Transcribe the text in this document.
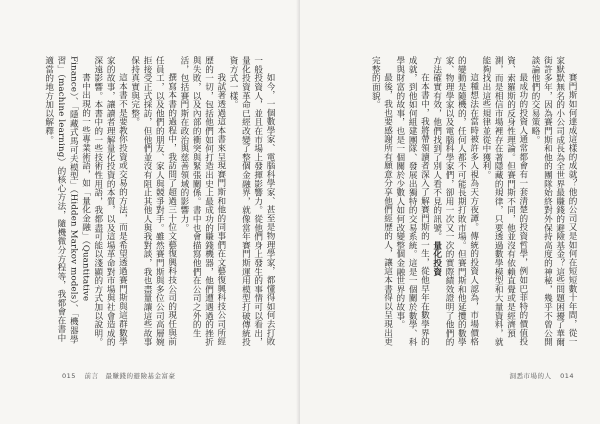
如今，一個數學家、電腦科學家、甚至是物理學家，都懂得如何去打敗一般投資人，並且在市場上發揮影響力。從他們身上發生的事情可以看出，量化投資革命已經改變了整個金融界，就像當年賽門斯運用模型打破傳統投資方式一樣。

我試著透過這本書來呈現賽門斯和他的同事們在文藝復興科技公司所經歷的一切，包括他們如何打造出史上最成功的賺錢機器，他們遭遇過的挫折與失敗，以及內部的衝突與緊張關係。書中也會描寫他們在公司之外的生活，包括賽門斯在政治與慈善領域的影響力。

撰寫本書的過程中，我訪問了超過三十位文藝復興科技公司的現任與前任員工，以及他們的朋友、家人與競爭對手。雖然賽門斯與多位公司高層婉拒接受正式採訪，但他們並沒有阻止其他人與我對談，我也盡量讓這些故事保持真實與完整。

這本書不是要教你投資或交易的方法，而是希望透過賽門斯與這群數學家的故事，讓讀者理解量化投資的本質，以及這場革命對市場與社會造成的深遠影響。本書中的一些技術性用語，我都盡可能以淺顯的方式加以說明。

書中出現的一些專業術語，如「量化金融」（Quantitative Finance）、「隱藏式馬可夫模型」（Hidden Markov models）、「機器學習」（machine learning）的核心方法，隨機微分方程等，我都會在書中適當的地方加以解釋。

015 前言　最賺錢的避險基金富豪

賽門斯如何達成這樣的成就？他的公司又是如何在短短數十年間，從一家默默無名的小公司成長為全世界最賺錢的避險基金？這些問題困擾了華爾街許多年，因為賽門斯和他的團隊始終對外保持高度的神秘，幾乎不曾公開談論他們的交易策略。

最成功的投資人通常都會有一套清楚的投資哲學，例如巴菲特的價值投資、索羅斯的反身性理論。但賽門斯不同，他並沒有依賴直覺或是經濟預測，而是相信市場裡存在著隱藏的規律，只要透過數學模型和大量資料，就能夠找出這些規律並從中獲利。

這種想法在當時被許多人視為天方夜譚。傳統的投資人認為，市場價格的變動是隨機的，任何人都不可能長期打敗市場。但賽門斯和他延攬的數學家、物理學家以及電腦科學家們，卻用一次又一次的實際績效證明了他們的方法確實有效，他們找到了別人看不見的訊號。量化投資

在本書中，我將帶領讀者深入了解賽門斯的一生，從他早年在數學界的成就，到他如何組建團隊、發展出獨特的交易系統。這是一個關於數學、科學與財富的故事，也是一個關於少數人如何改變整個金融世界的故事。

最後，我也要感謝所有願意分享他們經歷的人，讓這本書得以呈現出更完整的面貌。

洞悉市場的人 014
